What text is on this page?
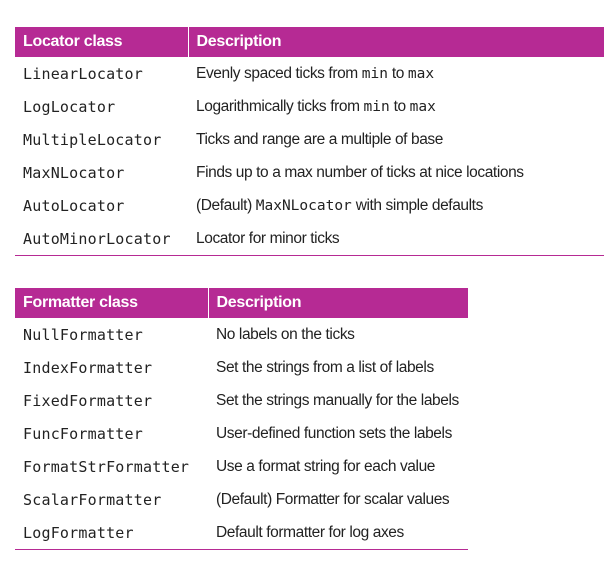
Locator class	Description
LinearLocator	Evenly spaced ticks from min to max
LogLocator	Logarithmically ticks from min to max
MultipleLocator	Ticks and range are a multiple of base
MaxNLocator	Finds up to a max number of ticks at nice locations
AutoLocator	(Default) MaxNLocator with simple defaults
AutoMinorLocator	Locator for minor ticks
Formatter class	Description
NullFormatter	No labels on the ticks
IndexFormatter	Set the strings from a list of labels
FixedFormatter	Set the strings manually for the labels
FuncFormatter	User-defined function sets the labels
FormatStrFormatter	Use a format string for each value
ScalarFormatter	(Default) Formatter for scalar values
LogFormatter	Default formatter for log axes
